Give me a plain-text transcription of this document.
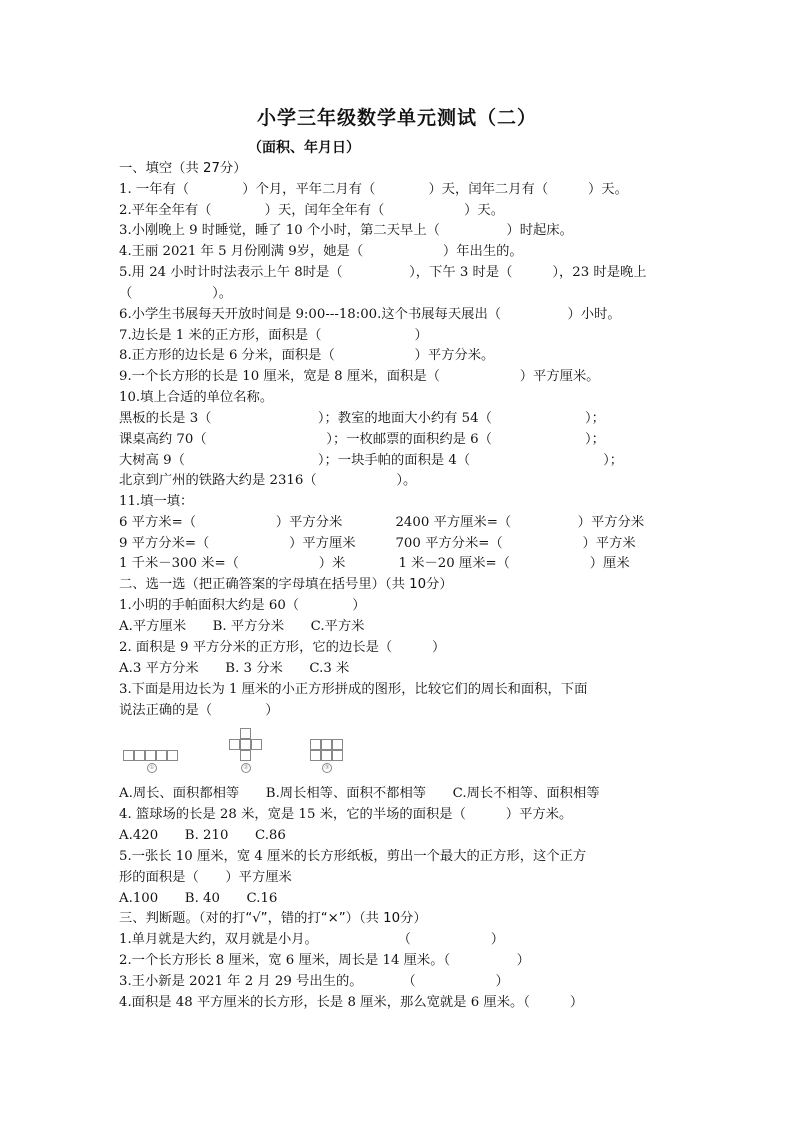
小学三年级数学单元测试（二）
（面积、年月日）
一、填空（共 27分）
1. 一年有（　　　　）个月，平年二月有（　　　　）天，闰年二月有（　　　）天。
2.平年全年有（　　　　）天，闰年全年有（　　　　　　）天。
3.小刚晚上 9 时睡觉，睡了 10 个小时，第二天早上（　　　　　）时起床。
4.王丽 2021 年 5 月份刚满 9岁，她是（　　　　　　）年出生的。
5.用 24 小时计时法表示上午 8时是（　　　　　），下午 3 时是（　　　），23 时是晚上
（　　　　　　）。
6.小学生书展每天开放时间是 9:00---18:00.这个书展每天展出（　　　　　）小时。
7.边长是 1 米的正方形，面积是（　　　　　　　）
8.正方形的边长是 6 分米，面积是（　　　　　　）平方分米。
9.一个长方形的长是 10 厘米，宽是 8 厘米，面积是（　　　　　　）平方厘米。
10.填上合适的单位名称。
黑板的长是 3（　　　　　　　　）；教室的地面大小约有 54（　　　　　　　）；
课桌高约 70（　　　　　　　　　）；一枚邮票的面积约是 6（　　　　　　　）；
大树高 9（　　　　　　　　　　）；一块手帕的面积是 4（　　　　　　　　　　）；
北京到广州的铁路大约是 2316（　　　　　　）。
11.填一填：
6 平方米=（　　　　　　）平方分米　　　　2400 平方厘米=（　　　　　）平方分米
9 平方分米=（　　　　　　）平方厘米　　　700 平方分米=（　　　　　　）平方米
1 千米－300 米=（　　　　　　）米　　　　1 米－20 厘米=（　　　　　　）厘米
二、选一选（把正确答案的字母填在括号里）（共 10分）
1.小明的手帕面积大约是 60（　　　　）
A.平方厘米　　B. 平方分米　　C.平方米
2. 面积是 9 平方分米的正方形，它的边长是（　　　）
A.3 平方分米　　B. 3 分米　　C.3 米
3.下面是用边长为 1 厘米的小正方形拼成的图形，比较它们的周长和面积，下面
说法正确的是（　　　　）
①	②	③
A.周长、面积都相等　　B.周长相等、面积不都相等　　C.周长不相等、面积相等
4. 篮球场的长是 28 米，宽是 15 米，它的半场的面积是（　　　）平方米。
A.420　　B. 210　　C.86
5.一张长 10 厘米，宽 4 厘米的长方形纸板，剪出一个最大的正方形，这个正方
形的面积是（　　）平方厘米
A.100　　B. 40　　C.16
三、判断题。（对的打“√”，错的打“×”）（共 10分）
1.单月就是大约，双月就是小月。　　　　　　　（　　　　　　）
2.一个长方形长 8 厘米，宽 6 厘米，周长是 14 厘米。（　　　　　）
3.王小新是 2021 年 2 月 29 号出生的。　　　　（　　　　　　）
4.面积是 48 平方厘米的长方形，长是 8 厘米，那么宽就是 6 厘米。（　　　）
